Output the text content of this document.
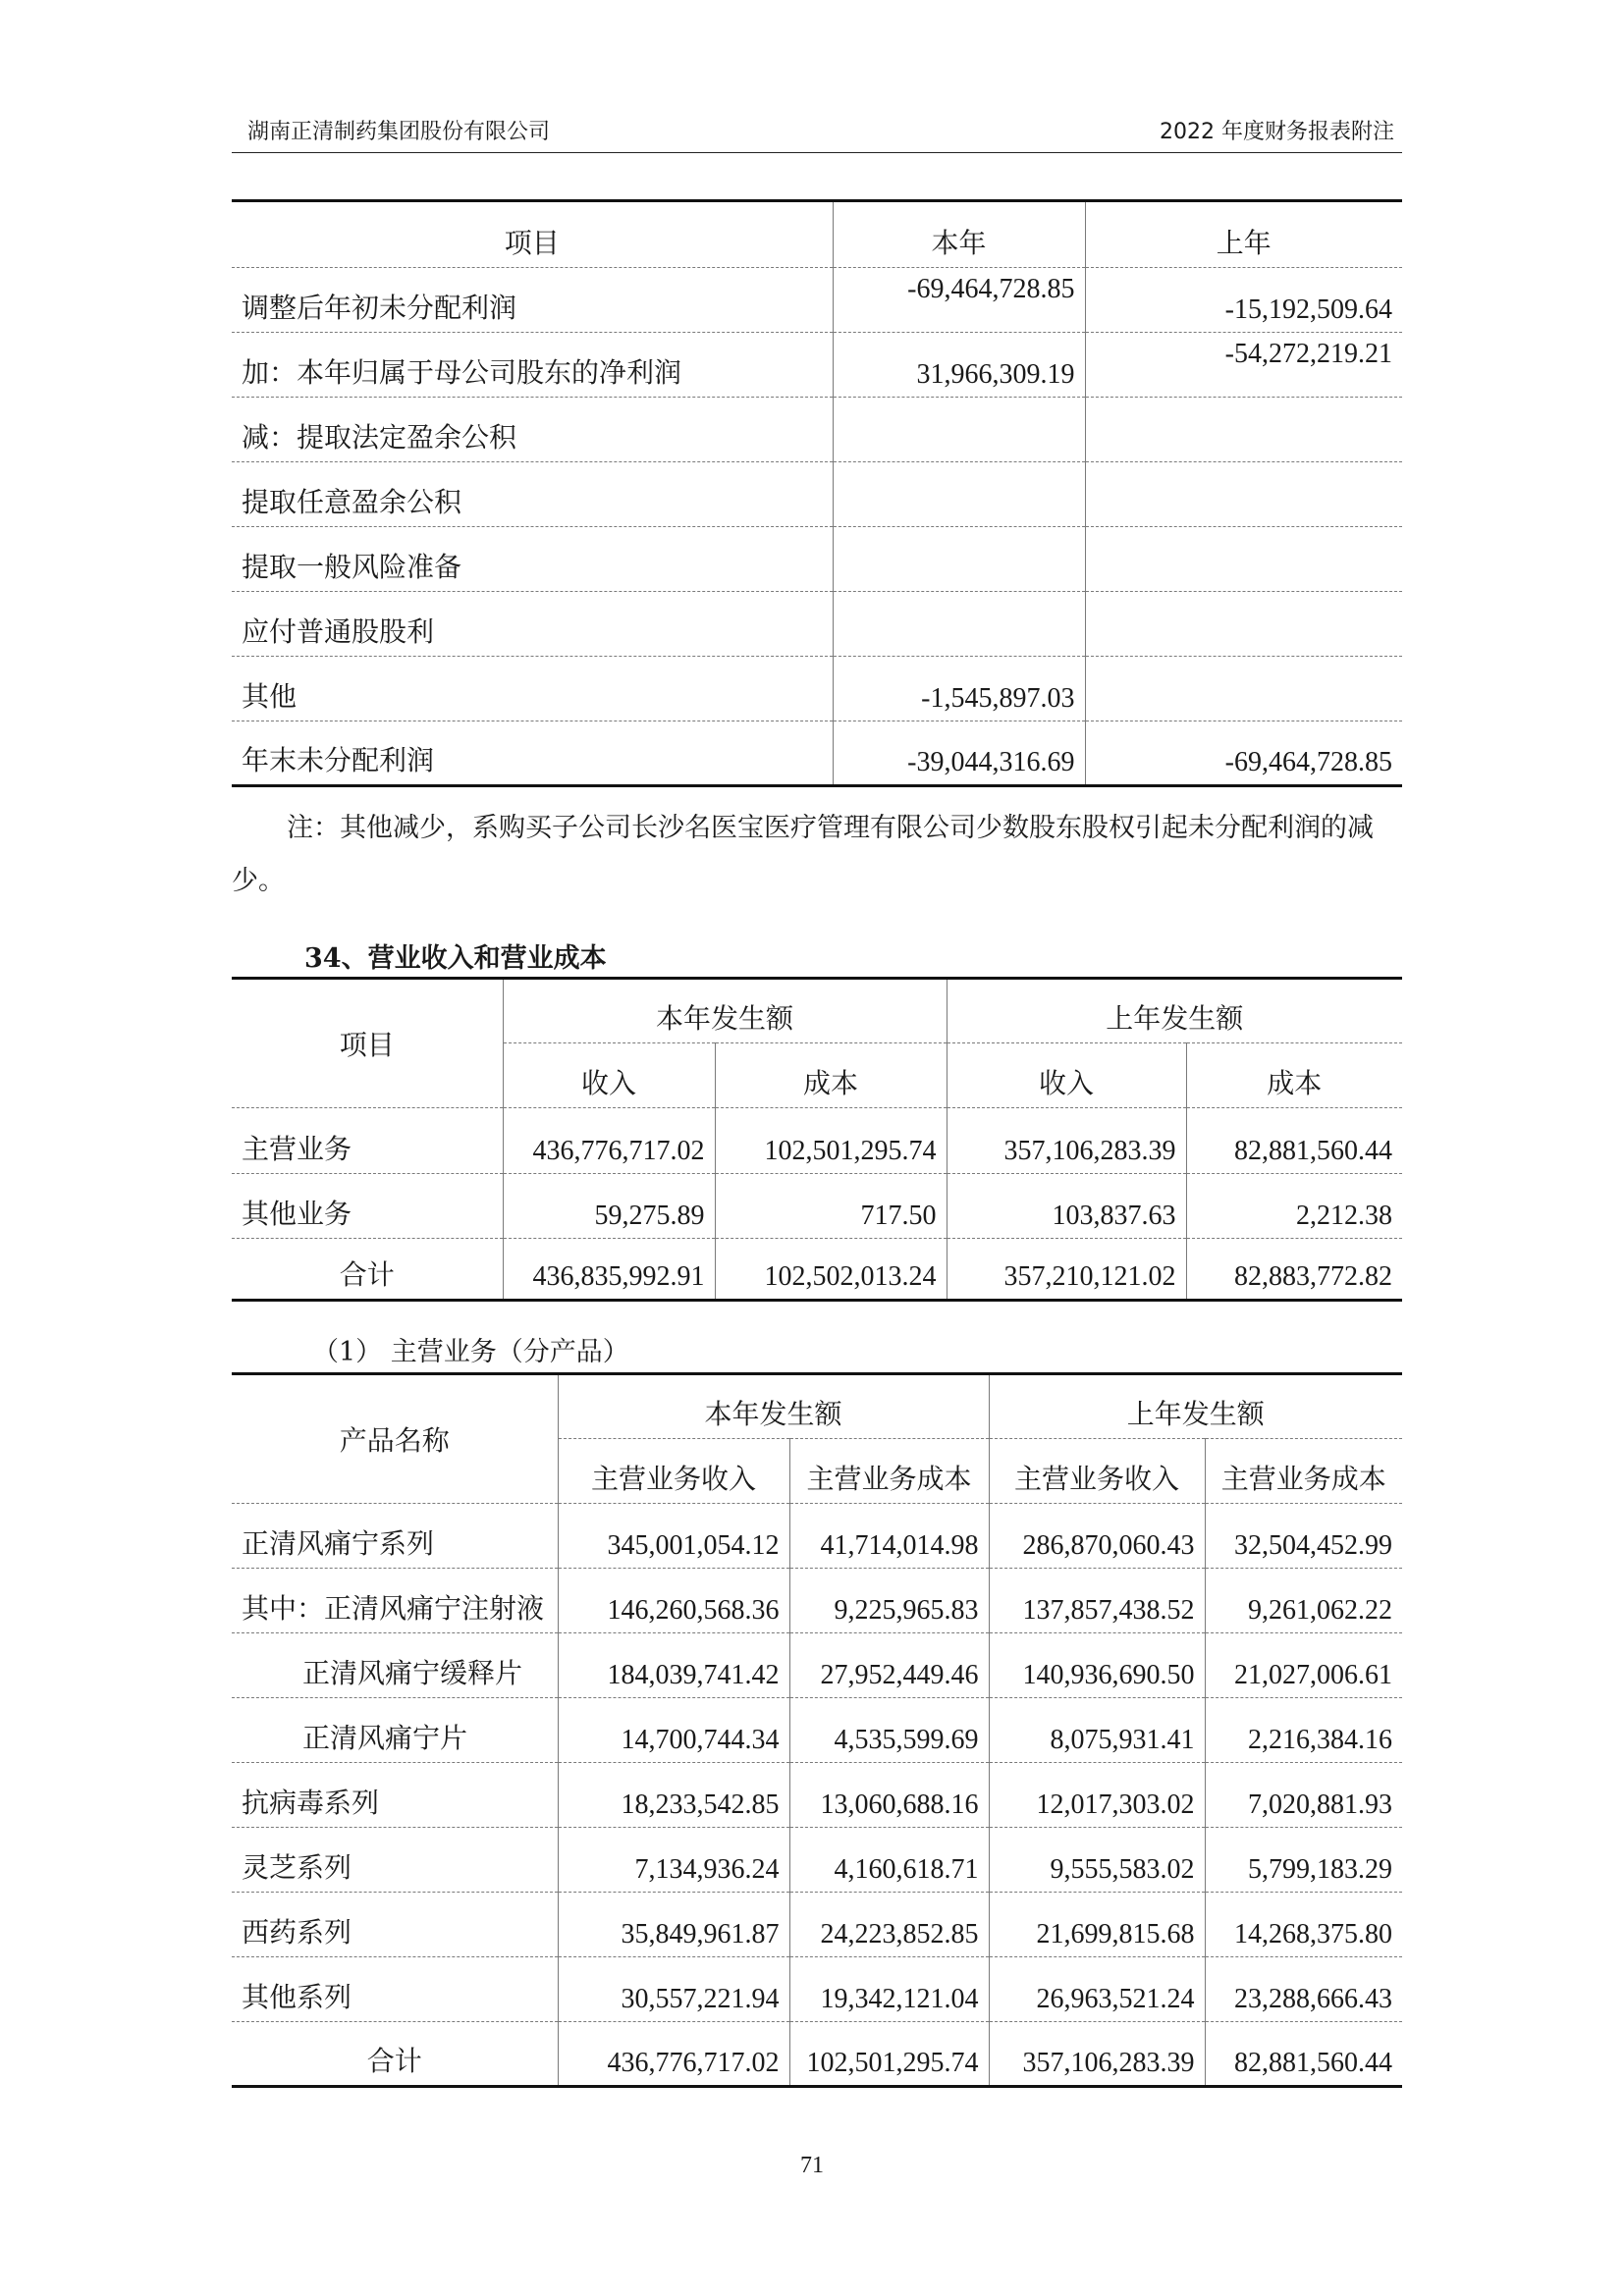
湖南正清制药集团股份有限公司	2022 年度财务报表附注
项目	本年	上年
调整后年初未分配利润	-69,464,728.85	-15,192,509.64
加：本年归属于母公司股东的净利润	31,966,309.19	-54,272,219.21
减：提取法定盈余公积		
提取任意盈余公积		
提取一般风险准备		
应付普通股股利		
其他	-1,545,897.03	
年末未分配利润	-39,044,316.69	-69,464,728.85
注：其他减少，系购买子公司长沙名医宝医疗管理有限公司少数股东股权引起未分配利润的减少。
34、营业收入和营业成本
项目	本年发生额		上年发生额	
	收入	成本	收入	成本
主营业务	436,776,717.02	102,501,295.74	357,106,283.39	82,881,560.44
其他业务	59,275.89	717.50	103,837.63	2,212.38
合计	436,835,992.91	102,502,013.24	357,210,121.02	82,883,772.82
（1） 主营业务（分产品）
产品名称	本年发生额		上年发生额	
	主营业务收入	主营业务成本	主营业务收入	主营业务成本
正清风痛宁系列	345,001,054.12	41,714,014.98	286,870,060.43	32,504,452.99
其中：正清风痛宁注射液	146,260,568.36	9,225,965.83	137,857,438.52	9,261,062.22
正清风痛宁缓释片	184,039,741.42	27,952,449.46	140,936,690.50	21,027,006.61
正清风痛宁片	14,700,744.34	4,535,599.69	8,075,931.41	2,216,384.16
抗病毒系列	18,233,542.85	13,060,688.16	12,017,303.02	7,020,881.93
灵芝系列	7,134,936.24	4,160,618.71	9,555,583.02	5,799,183.29
西药系列	35,849,961.87	24,223,852.85	21,699,815.68	14,268,375.80
其他系列	30,557,221.94	19,342,121.04	26,963,521.24	23,288,666.43
合计	436,776,717.02	102,501,295.74	357,106,283.39	82,881,560.44
71
